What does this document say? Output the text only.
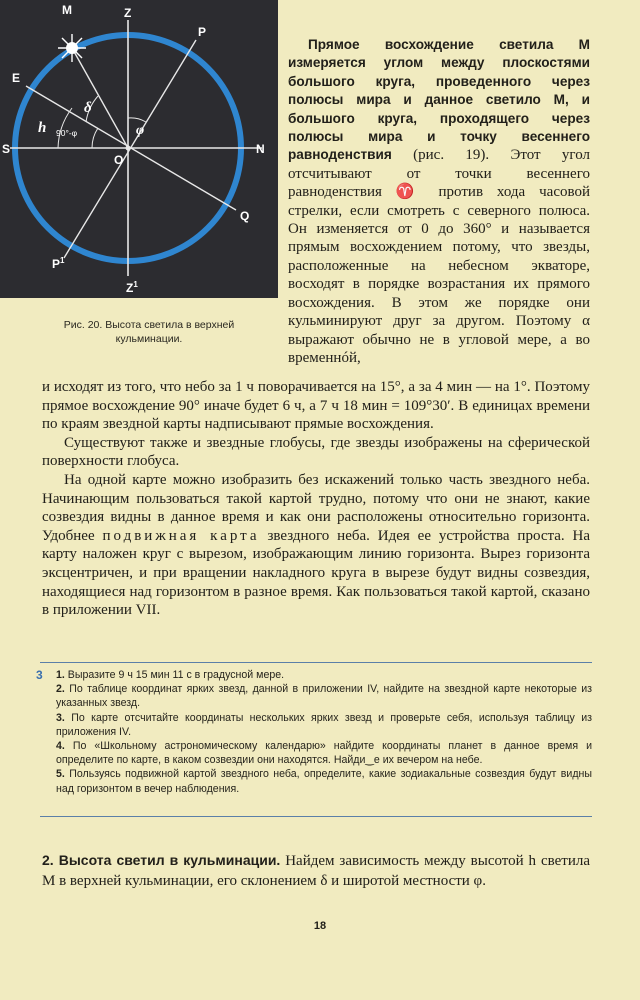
M	Z
P
E
S	N
O
Q
$P^1$
$Z^1$
h
δ
φ
90°-φ
Рис. 20. Высота светила в верхней
кульминации.

Прямое восхождение светила M измеряется углом между плоскостями большого круга, проведенного через полюсы мира и данное светило M, и большого круга, проходящего через полюсы мира и точку весеннего равноденствия (рис. 19). Этот угол отсчитывают от точки весеннего равноденствия ♈ против хода часовой стрелки, если смотреть с северного полюса. Он изменяется от 0 до 360° и называется прямым восхождением потому, что звезды, расположенные на небесном экваторе, восходят в порядке возрастания их прямого восхождения. В этом же порядке они кульминируют друг за другом. Поэтому α выражают обычно не в угловой мере, а во временнóй,

и исходят из того, что небо за 1 ч поворачивается на 15°, а за 4 мин — на 1°. Поэтому прямое восхождение 90° иначе будет 6 ч, а 7 ч 18 мин = 109°30′. В единицах времени по краям звездной карты надписывают прямые восхождения.

Существуют также и звездные глобусы, где звезды изображены на сферической поверхности глобуса.

На одной карте можно изобразить без искажений только часть звездного неба. Начинающим пользоваться такой картой трудно, потому что они не знают, какие созвездия видны в данное время и как они расположены относительно горизонта. Удобнее подвижная карта звездного неба. Идея ее устройства проста. На карту наложен круг с вырезом, изображающим линию горизонта. Вырез горизонта эксцентричен, и при вращении накладного круга в вырезе будут видны созвездия, находящиеся над горизонтом в разное время. Как пользоваться такой картой, сказано в приложении VII.

3 1. Выразите 9 ч 15 мин 11 с в градусной мере.

2. По таблице координат ярких звезд, данной в приложении IV, найдите на звездной карте некоторые из указанных звезд.

3. По карте отсчитайте координаты нескольких ярких звезд и проверьте себя, используя таблицу из приложения IV.

4. По «Школьному астрономическому календарю» найдите координаты планет в данное время и определите по карте, в каком созвездии они находятся. Найди‿е их вечером на небе.

5. Пользуясь подвижной картой звездного неба, определите, какие зодиакальные созвездия будут видны над горизонтом в вечер наблюдения.

2. Высота светил в кульминации. Найдем зависимость между высотой h светила M в верхней кульминации, его склонением δ и широтой местности φ.

18
